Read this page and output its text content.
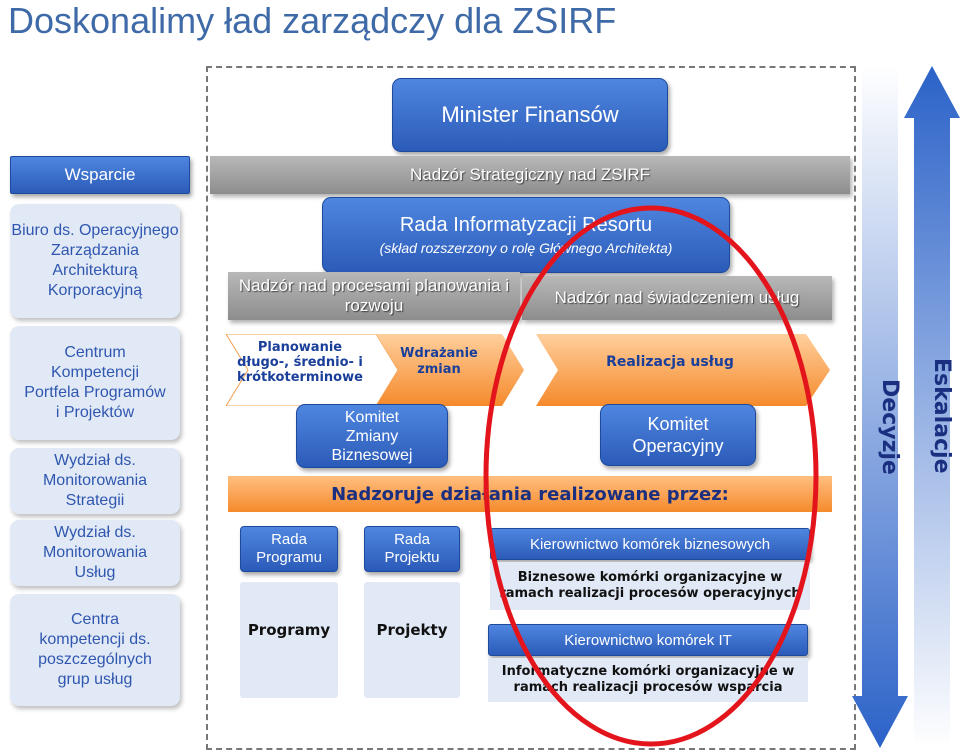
Doskonalimy ład zarządczy dla ZSIRF
Minister Finansów
Wsparcie
Biuro ds. Operacyjnego Zarządzania Architekturą Korporacyjną
Centrum Kompetencji Portfela Programów i Projektów
Wydział ds. Monitorowania Strategii
Wydział ds. Monitorowania Usług
Centra kompetencji ds. poszczególnych grup usług
Nadzór Strategiczny nad ZSIRF
Rada Informatyzacji Resortu
(skład rozszerzony o rolę Głównego Architekta)
Nadzór nad procesami planowania i rozwoju	Nadzór nad świadczeniem usług
Planowanie długo-, średnio- i krótkoterminowe
Wdrażanie zmian	Realizacja usług
Komitet Zmiany Biznesowej
Komitet Operacyjny
Nadzoruje działania realizowane przez:
Rada Programu
Rada Projektu
Programy	Projekty
Kierownictwo komórek biznesowych
Biznesowe komórki organizacyjne w ramach realizacji procesów operacyjnych
Kierownictwo komórek IT
Informatyczne komórki organizacyjne w ramach realizacji procesów wsparcia
Decyzje	Eskalacje
